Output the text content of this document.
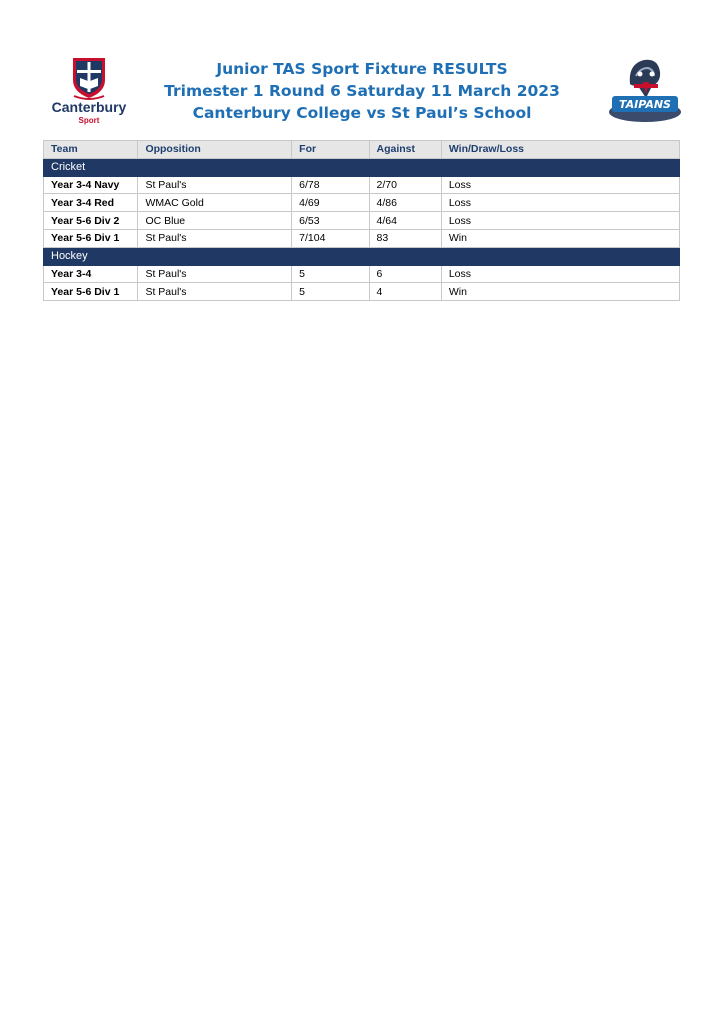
Canterbury
Sport
Junior TAS Sport Fixture RESULTS
Trimester 1 Round 6 Saturday 11 March 2023
Canterbury College vs St Paul’s School	TAIPANS
Team	Opposition	For	Against	Win/Draw/Loss
Cricket				
Year 3-4 Navy	St Paul's	6/78	2/70	Loss
Year 3-4 Red	WMAC Gold	4/69	4/86	Loss
Year 5-6 Div 2	OC Blue	6/53	4/64	Loss
Year 5-6 Div 1	St Paul's	7/104	83	Win
Hockey				
Year 3-4	St Paul's	5	6	Loss
Year 5-6 Div 1	St Paul's	5	4	Win
